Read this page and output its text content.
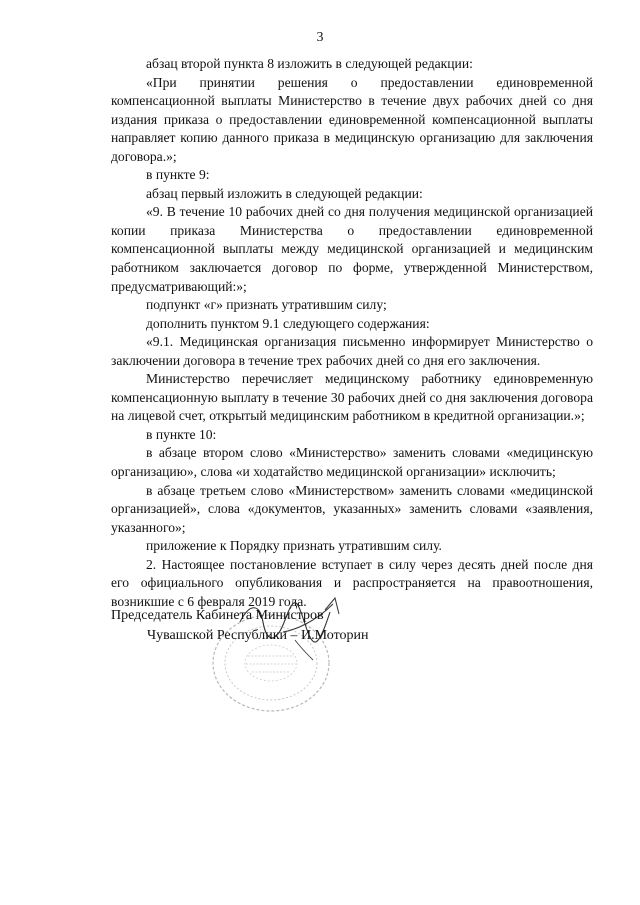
3

абзац второй пункта 8 изложить в следующей редакции:

«При принятии решения о предоставлении единовременной компенсационной выплаты Министерство в течение двух рабочих дней со дня издания приказа о предоставлении единовременной компенсационной выплаты направляет копию данного приказа в медицинскую организацию для заключения договора.»;

в пункте 9:

абзац первый изложить в следующей редакции:

«9. В течение 10 рабочих дней со дня получения медицинской организацией копии приказа Министерства о предоставлении единовременной компенсационной выплаты между медицинской организацией и медицинским работником заключается договор по форме, утвержденной Министерством, предусматривающий:»;

подпункт «г» признать утратившим силу;

дополнить пунктом 9.1 следующего содержания:

«9.1. Медицинская организация письменно информирует Министерство о заключении договора в течение трех рабочих дней со дня его заключения.

Министерство перечисляет медицинскому работнику единовременную компенсационную выплату в течение 30 рабочих дней со дня заключения договора на лицевой счет, открытый медицинским работником в кредитной организации.»;

в пункте 10:

в абзаце втором слово «Министерство» заменить словами «медицинскую организацию», слова «и ходатайство медицинской организации» исключить;

в абзаце третьем слово «Министерством» заменить словами «медицинской организацией», слова «документов, указанных» заменить словами «заявления, указанного»;

приложение к Порядку признать утратившим силу.

2. Настоящее постановление вступает в силу через десять дней после дня его официального опубликования и распространяется на правоотношения, возникшие с 6 февраля 2019 года.

Председатель Кабинета Министров
Чувашской Республики – И.Моторин
